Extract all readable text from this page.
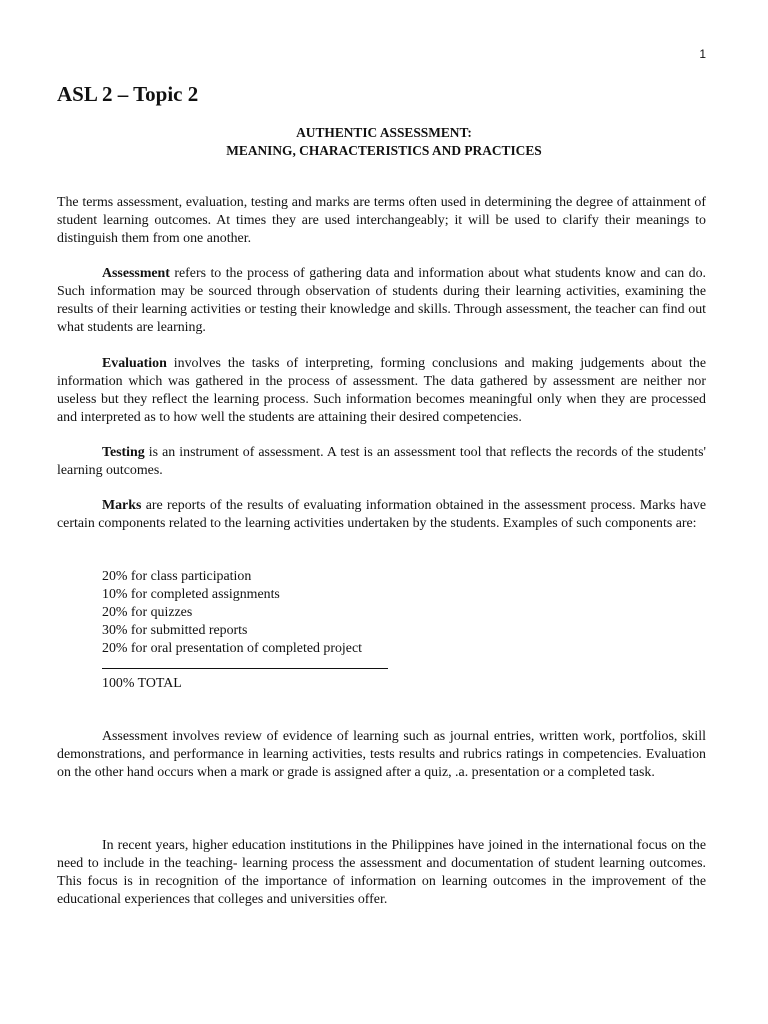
1
ASL 2 – Topic 2
AUTHENTIC ASSESSMENT:
MEANING, CHARACTERISTICS AND PRACTICES

The terms assessment, evaluation, testing and marks are terms often used in determining the degree of attainment of student learning outcomes. At times they are used interchangeably; it will be used to clarify their meanings to distinguish them from one another.

Assessment refers to the process of gathering data and information about what students know and can do. Such information may be sourced through observation of students during their learning activities, examining the results of their learning activities or testing their knowledge and skills. Through assessment, the teacher can find out what students are learning.

Evaluation involves the tasks of interpreting, forming conclusions and making judgements about the information which was gathered in the process of assessment. The data gathered by assessment are neither nor useless but they reflect the learning process. Such information becomes meaningful only when they are processed and interpreted as to how well the students are attaining their desired competencies.

Testing is an instrument of assessment. A test is an assessment tool that reflects the records of the students' learning outcomes.

Marks are reports of the results of evaluating information obtained in the assessment process. Marks have certain components related to the learning activities undertaken by the students. Examples of such components are:

20% for class participation
10% for completed assignments
20% for quizzes
30% for submitted reports
20% for oral presentation of completed project
100% TOTAL

Assessment involves review of evidence of learning such as journal entries, written work, portfolios, skill demonstrations, and performance in learning activities, tests results and rubrics ratings in competencies. Evaluation on the other hand occurs when a mark or grade is assigned after a quiz, .a. presentation or a completed task.

In recent years, higher education institutions in the Philippines have joined in the international focus on the need to include in the teaching- learning process the assessment and documentation of student learning outcomes. This focus is in recognition of the importance of information on learning outcomes in the improvement of the educational experiences that colleges and universities offer.
